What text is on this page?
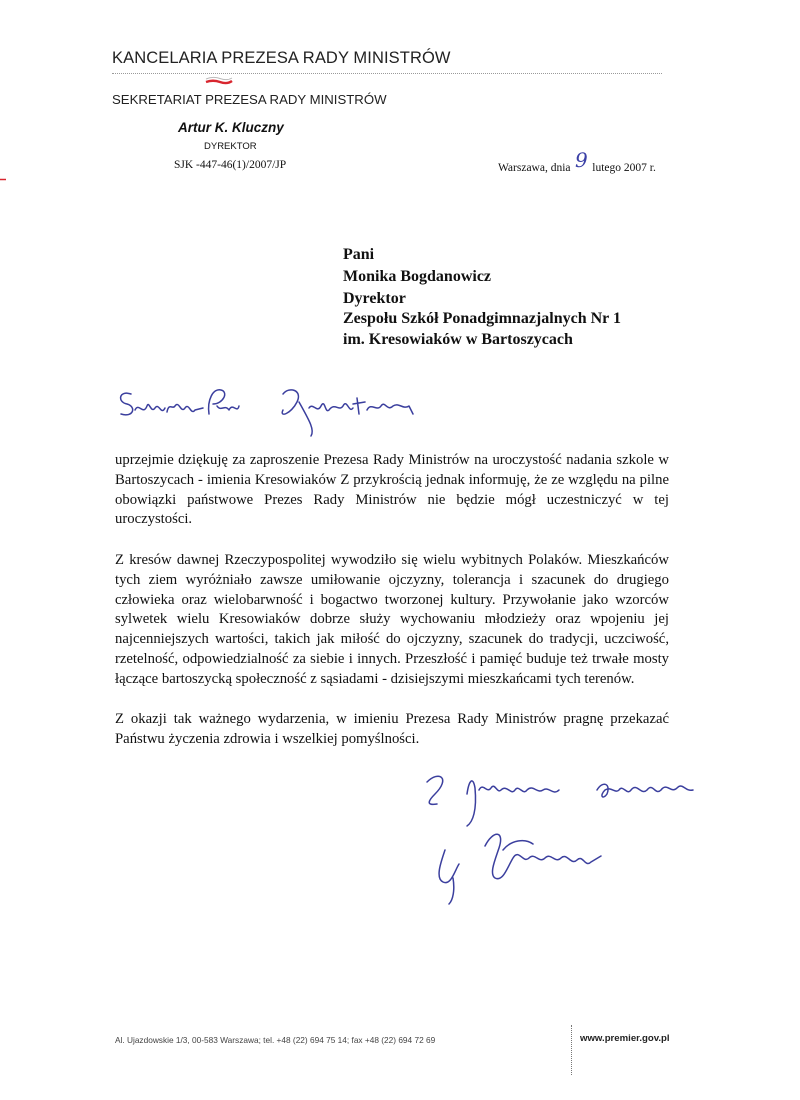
KANCELARIA PREZESA RADY MINISTRÓW
SEKRETARIAT PREZESA RADY MINISTRÓW
Artur K. Kluczny
DYREKTOR
SJK -447-46(1)/2007/JP	Warszawa, dnia 9 lutego 2007 r.
Pani
Monika Bogdanowicz
Dyrektor
Zespołu Szkół Ponadgimnazjalnych Nr 1
im. Kresowiaków w Bartoszycach

uprzejmie dziękuję za zaproszenie Prezesa Rady Ministrów na uroczystość nadania szkole w Bartoszycach - imienia Kresowiaków Z przykrością jednak informuję, że ze względu na pilne obowiązki państwowe Prezes Rady Ministrów nie będzie mógł uczestniczyć w tej uroczystości.

Z kresów dawnej Rzeczypospolitej wywodziło się wielu wybitnych Polaków. Mieszkańców tych ziem wyróżniało zawsze umiłowanie ojczyzny, tolerancja i szacunek do drugiego człowieka oraz wielobarwność i bogactwo tworzonej kultury. Przywołanie jako wzorców sylwetek wielu Kresowiaków dobrze służy wychowaniu młodzieży oraz wpojeniu jej najcenniejszych wartości, takich jak miłość do ojczyzny, szacunek do tradycji, uczciwość, rzetelność, odpowiedzialność za siebie i innych. Przeszłość i pamięć buduje też trwałe mosty łączące bartoszycką społeczność z sąsiadami - dzisiejszymi mieszkańcami tych terenów.

Z okazji tak ważnego wydarzenia, w imieniu Prezesa Rady Ministrów pragnę przekazać Państwu życzenia zdrowia i wszelkiej pomyślności.

Al. Ujazdowskie 1/3, 00-583 Warszawa; tel. +48 (22) 694 75 14; fax +48 (22) 694 72 69	www.premier.gov.pl
